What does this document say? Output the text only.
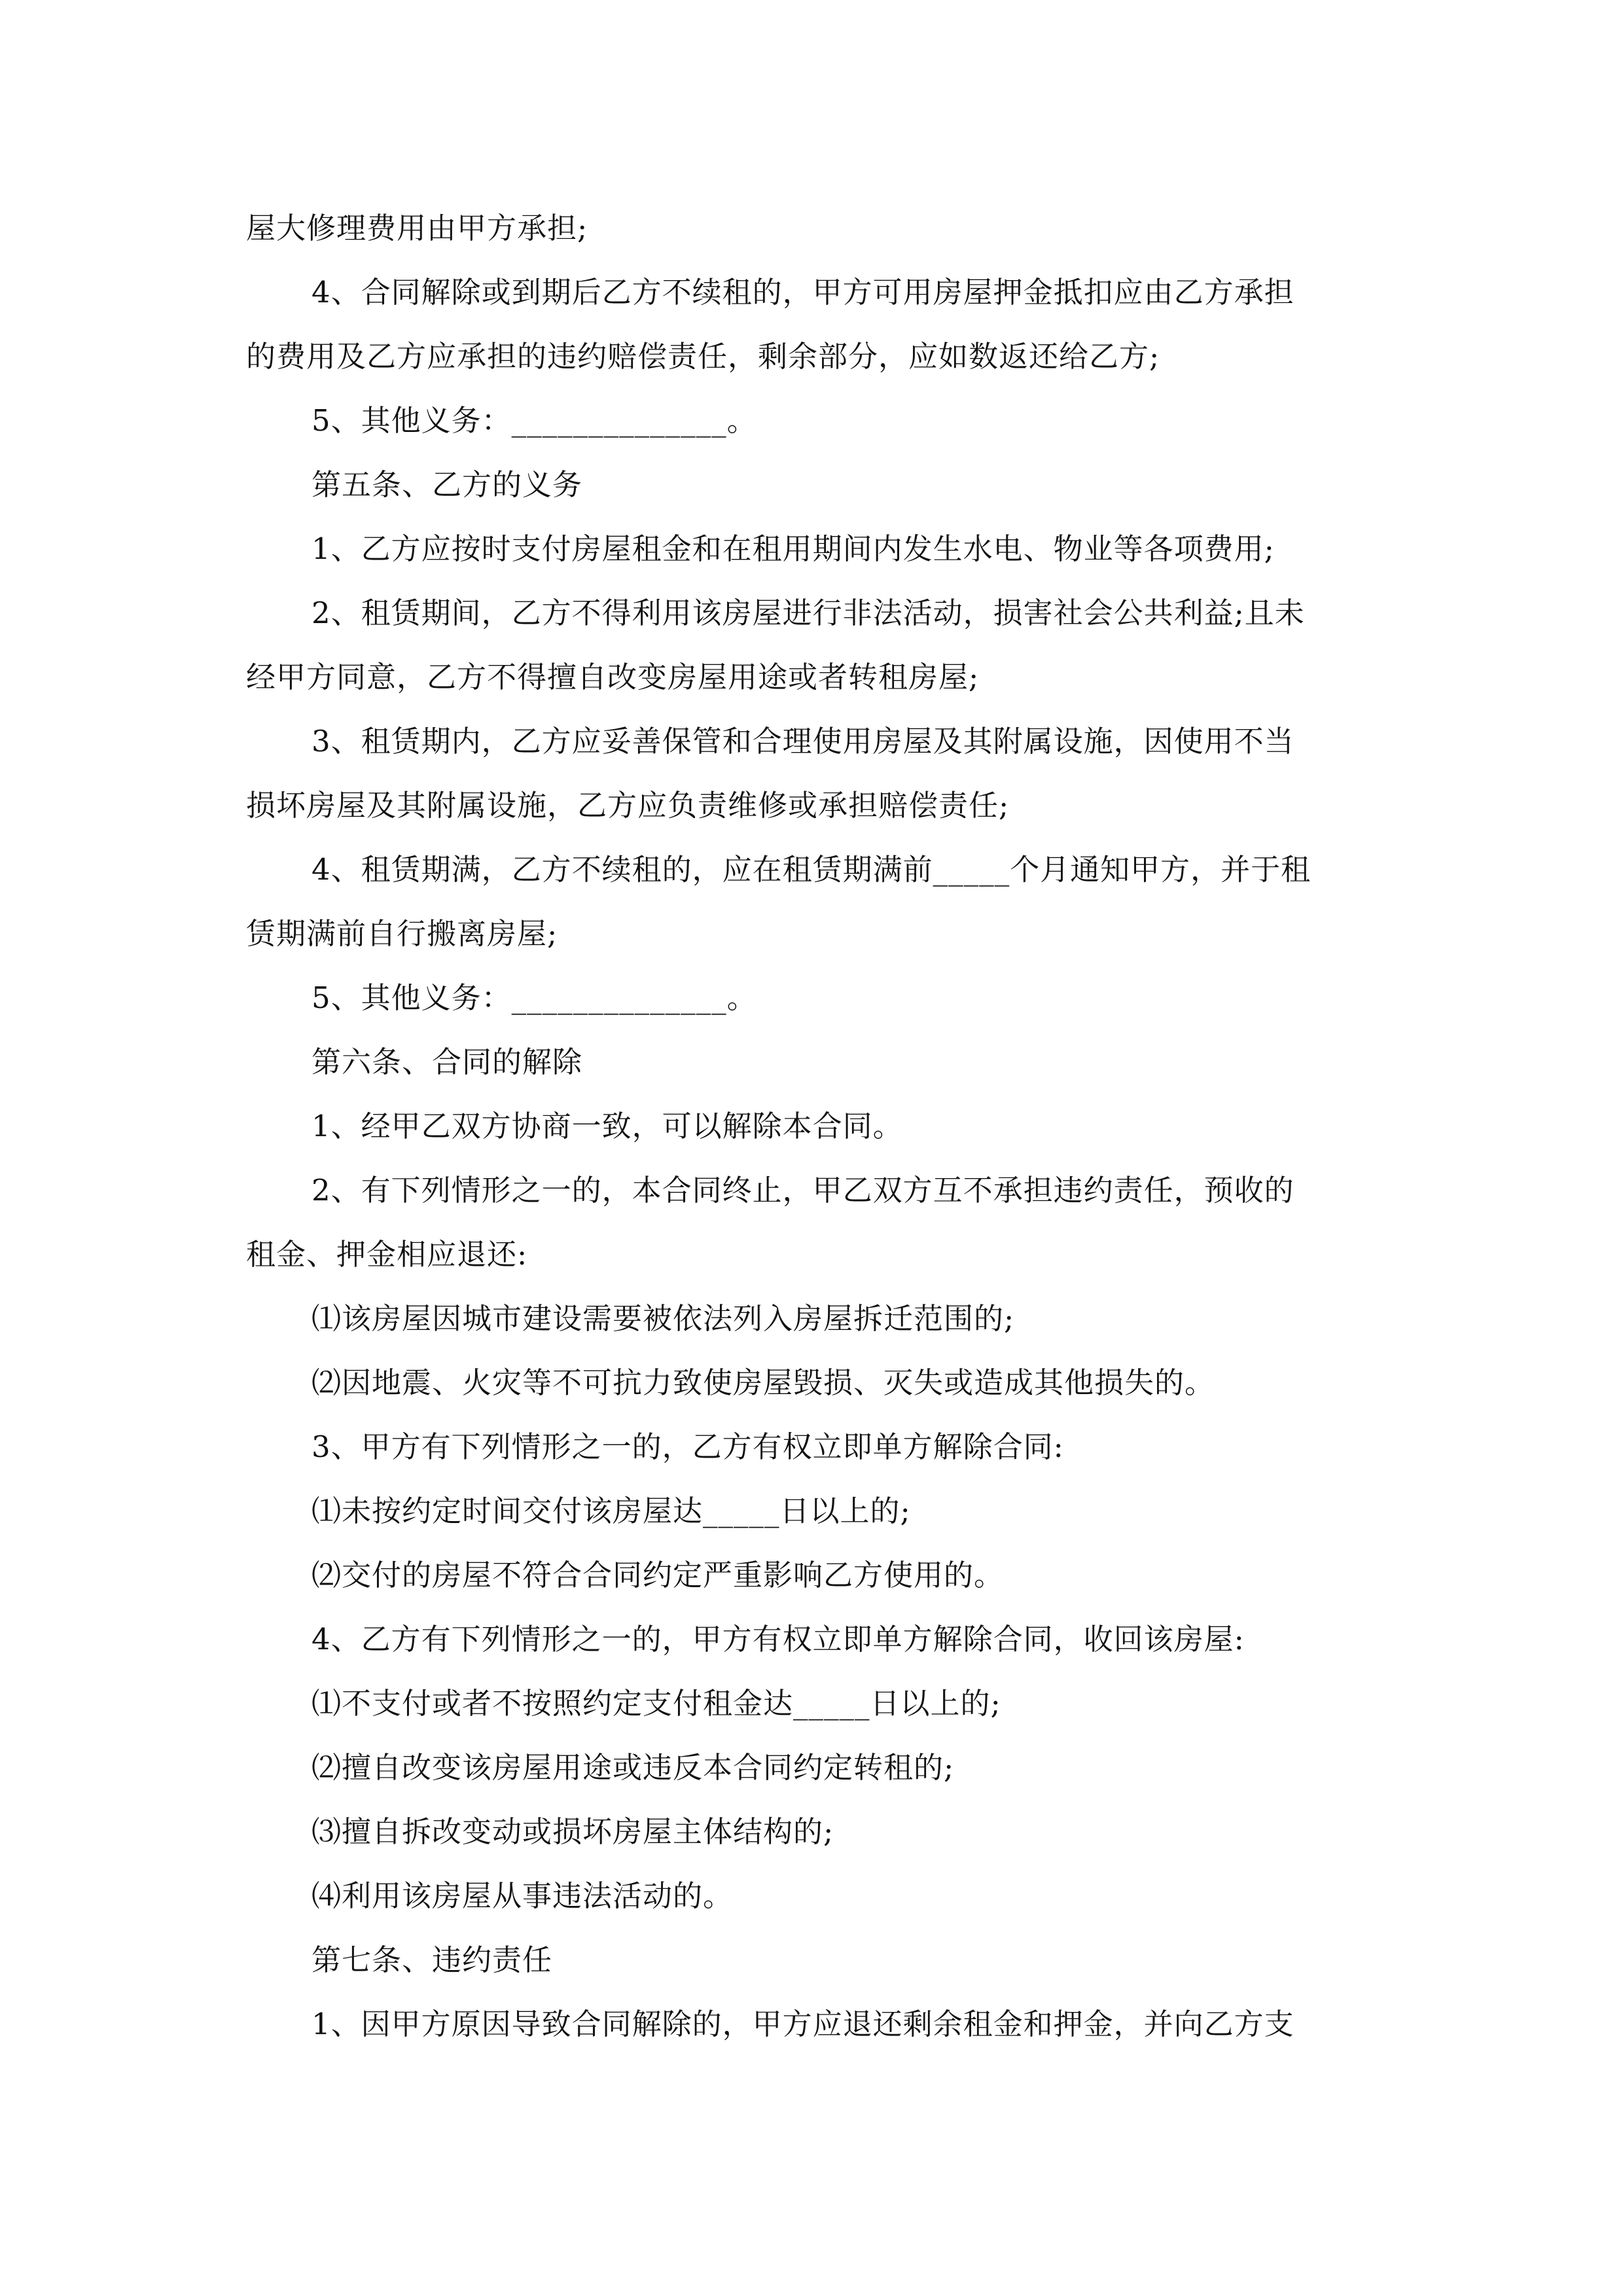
屋大修理费用由甲方承担;
4、合同解除或到期后乙方不续租的，甲方可用房屋押金抵扣应由乙方承担
的费用及乙方应承担的违约赔偿责任，剩余部分，应如数返还给乙方;
5、其他义务：______________。
第五条、乙方的义务
1、乙方应按时支付房屋租金和在租用期间内发生水电、物业等各项费用;
2、租赁期间，乙方不得利用该房屋进行非法活动，损害社会公共利益;且未
经甲方同意，乙方不得擅自改变房屋用途或者转租房屋;
3、租赁期内，乙方应妥善保管和合理使用房屋及其附属设施，因使用不当
损坏房屋及其附属设施，乙方应负责维修或承担赔偿责任;
4、租赁期满，乙方不续租的，应在租赁期满前_____个月通知甲方，并于租
赁期满前自行搬离房屋;
5、其他义务：______________。
第六条、合同的解除
1、经甲乙双方协商一致，可以解除本合同。
2、有下列情形之一的，本合同终止，甲乙双方互不承担违约责任，预收的
租金、押金相应退还:
⑴该房屋因城市建设需要被依法列入房屋拆迁范围的;
⑵因地震、火灾等不可抗力致使房屋毁损、灭失或造成其他损失的。
3、甲方有下列情形之一的，乙方有权立即单方解除合同:
⑴未按约定时间交付该房屋达_____日以上的;
⑵交付的房屋不符合合同约定严重影响乙方使用的。
4、乙方有下列情形之一的，甲方有权立即单方解除合同，收回该房屋:
⑴不支付或者不按照约定支付租金达_____日以上的;
⑵擅自改变该房屋用途或违反本合同约定转租的;
⑶擅自拆改变动或损坏房屋主体结构的;
⑷利用该房屋从事违法活动的。
第七条、违约责任
1、因甲方原因导致合同解除的，甲方应退还剩余租金和押金，并向乙方支
